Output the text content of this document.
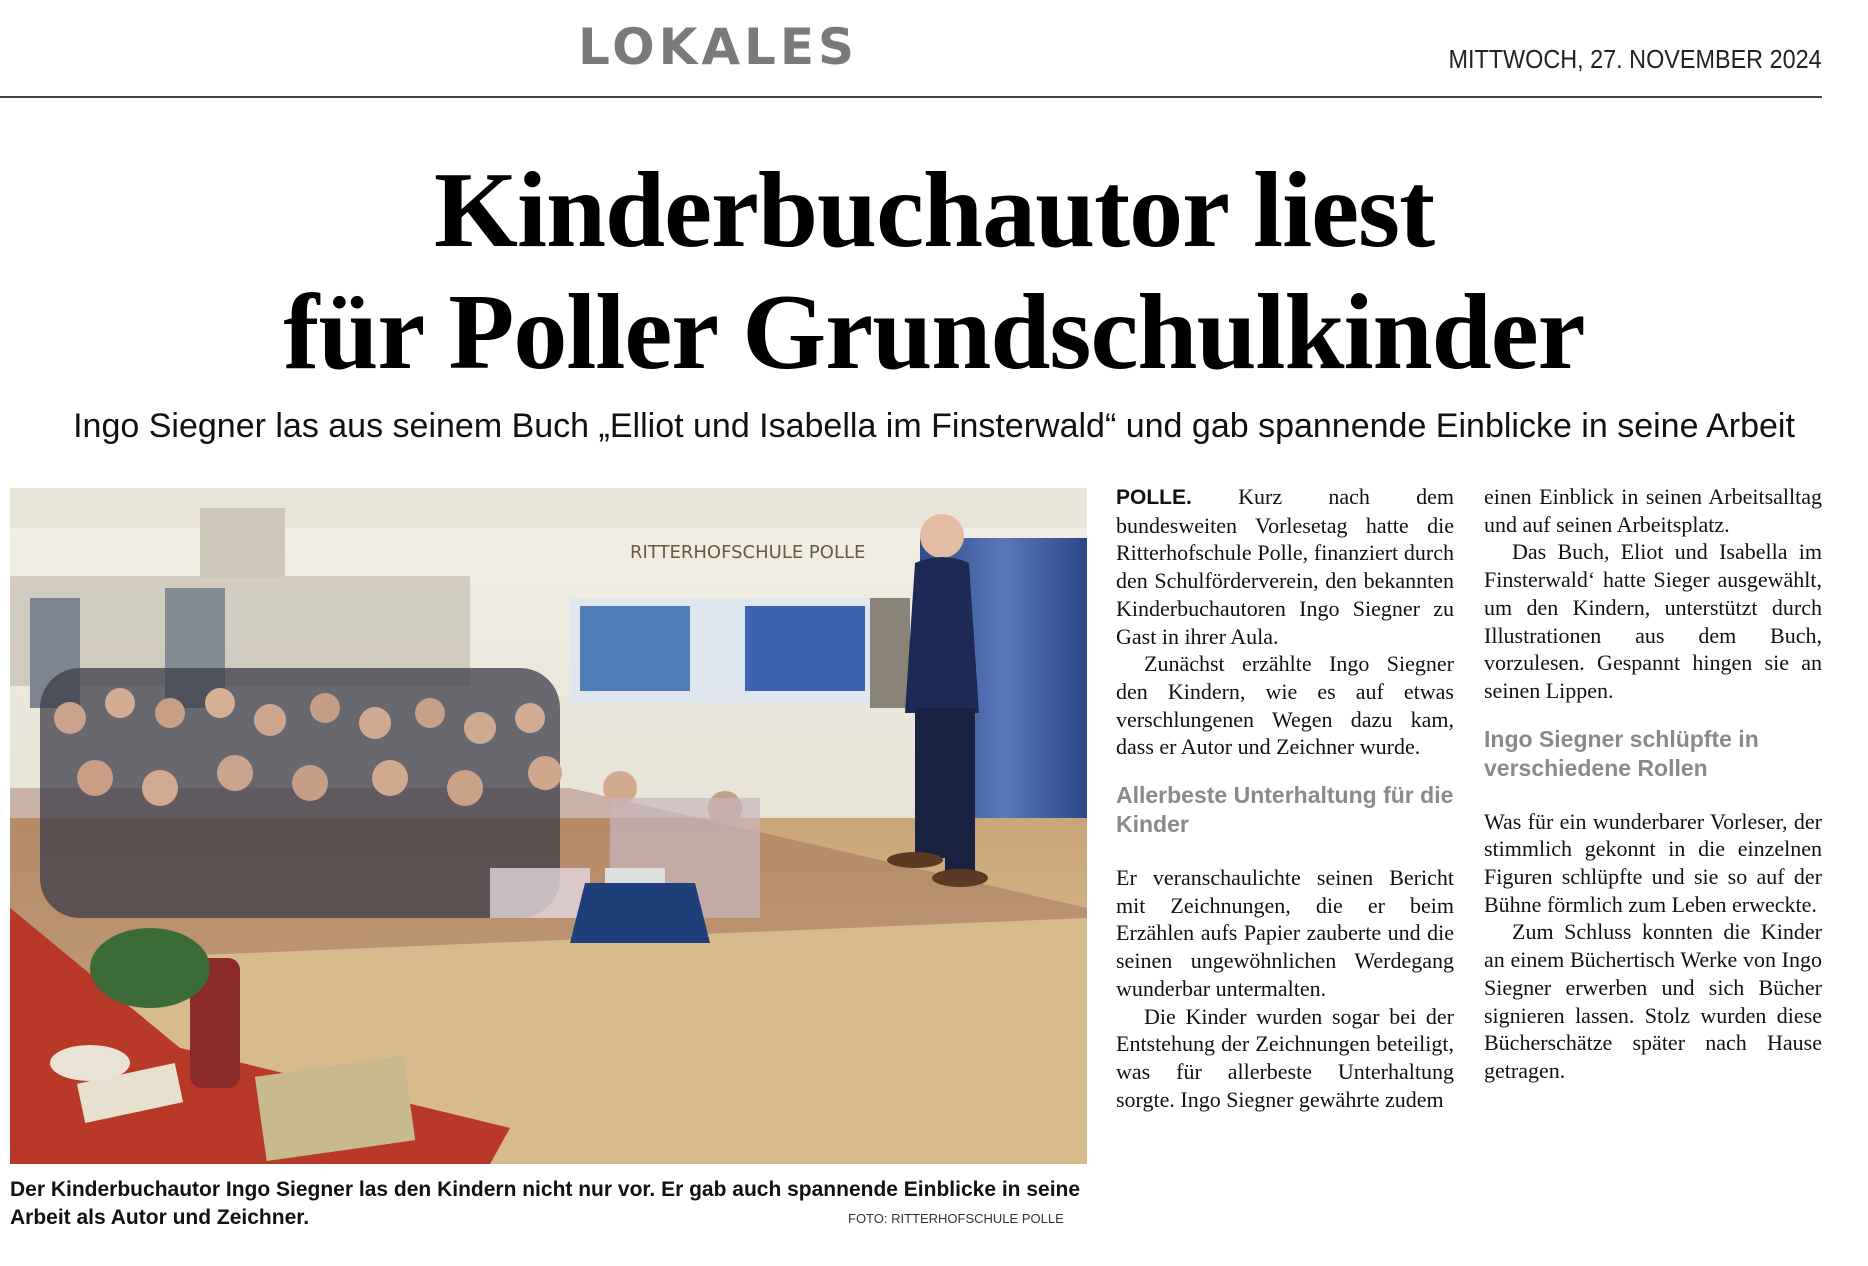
LOKALES	MITTWOCH, 27. NOVEMBER 2024
Kinderbuchautor liest
für Poller Grundschulkinder
Ingo Siegner las aus seinem Buch „Elliot und Isabella im Finsterwald“ und gab spannende Einblicke in seine Arbeit
RITTERHOFSCHULE POLLE
Der Kinderbuchautor Ingo Siegner las den Kindern nicht nur vor. Er gab auch spannende Einblicke in seine Arbeit als Autor und Zeichner.	FOTO: RITTERHOFSCHULE POLLE

POLLE. Kurz nach dem bundesweiten Vorlesetag hatte die Ritterhofschule Polle, finanziert durch den Schulförderverein, den bekannten Kinderbuchautoren Ingo Siegner zu Gast in ihrer Aula.

Zunächst erzählte Ingo Siegner den Kindern, wie es auf etwas verschlungenen Wegen dazu kam, dass er Autor und Zeichner wurde.

Allerbeste Unterhaltung für die Kinder

Er veranschaulichte seinen Bericht mit Zeichnungen, die er beim Erzählen aufs Papier zauberte und die seinen ungewöhnlichen Werdegang wunderbar untermalten.

Die Kinder wurden sogar bei der Entstehung der Zeichnungen beteiligt, was für allerbeste Unterhaltung sorgte. Ingo Siegner gewährte zudem

einen Einblick in seinen Arbeitsalltag und auf seinen Arbeitsplatz.

Das Buch, Eliot und Isabella im Finsterwald‘ hatte Sieger ausgewählt, um den Kindern, unterstützt durch Illustrationen aus dem Buch, vorzulesen. Gespannt hingen sie an seinen Lippen.

Ingo Siegner schlüpfte in verschiedene Rollen

Was für ein wunderbarer Vorleser, der stimmlich gekonnt in die einzelnen Figuren schlüpfte und sie so auf der Bühne förmlich zum Leben erweckte.

Zum Schluss konnten die Kinder an einem Büchertisch Werke von Ingo Siegner erwerben und sich Bücher signieren lassen. Stolz wurden diese Bücherschätze später nach Hause getragen.
